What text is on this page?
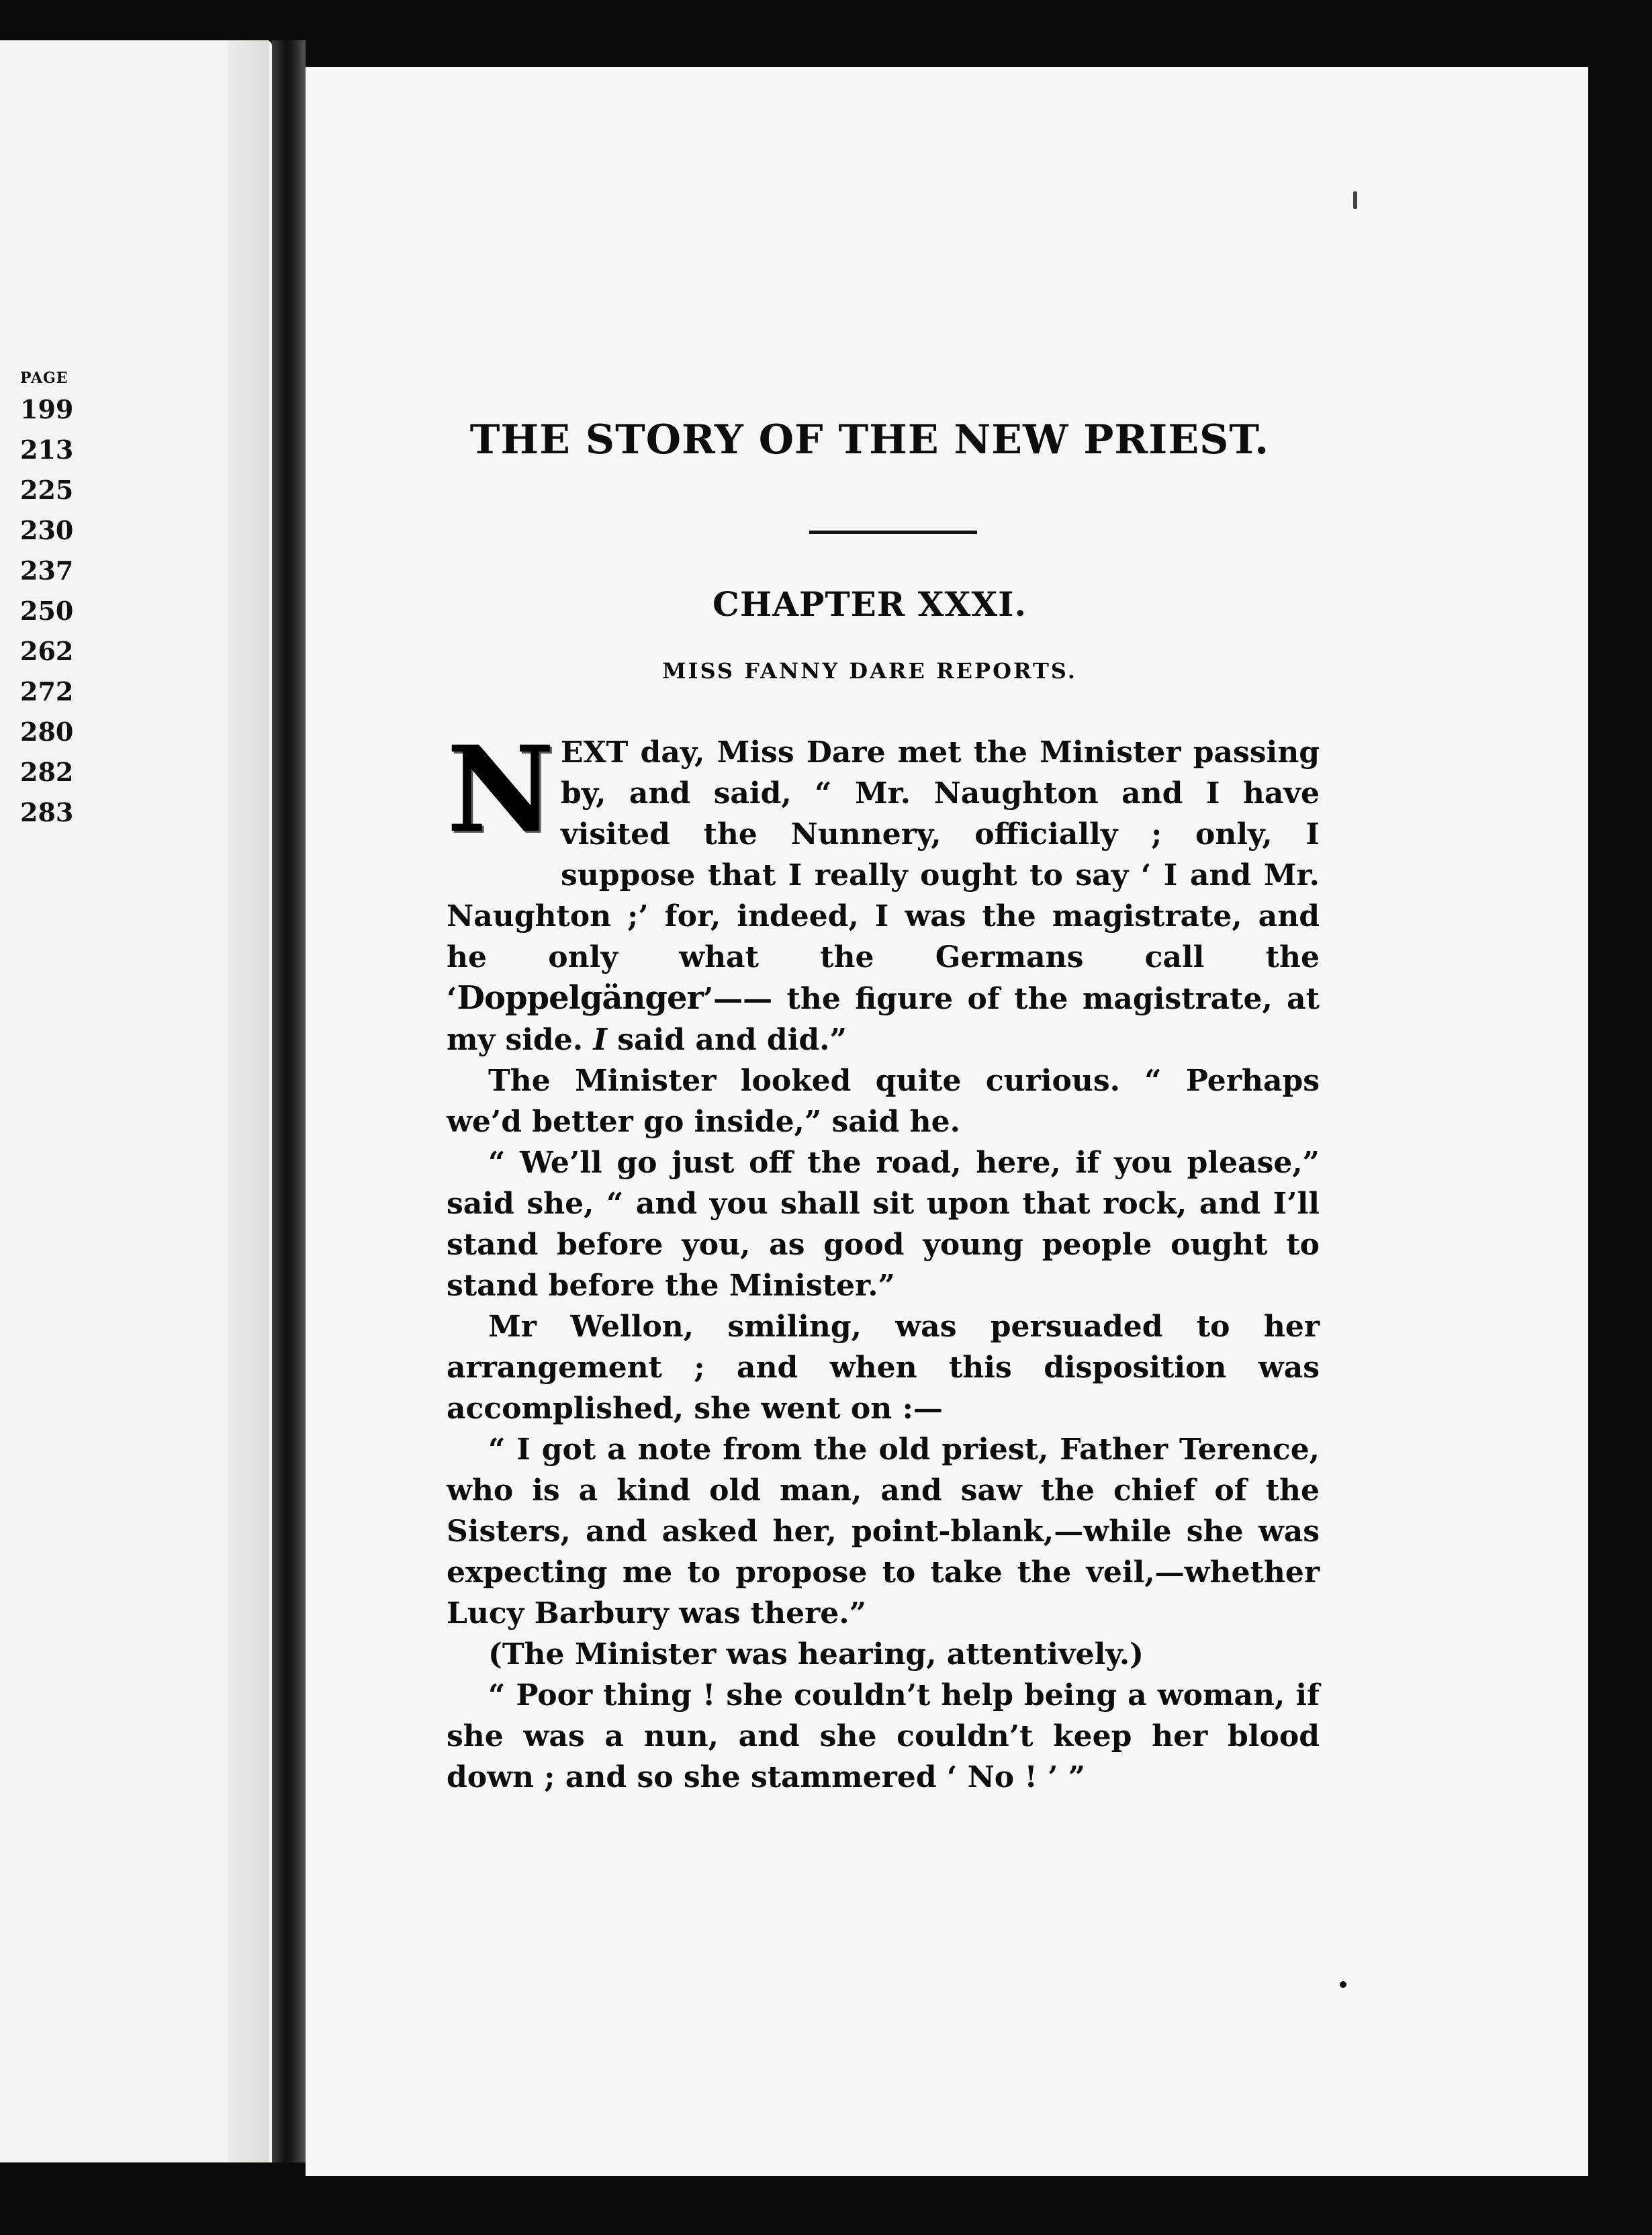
PAGE
199
213
225
230
237
250
262
272
280
282
283
THE STORY OF THE NEW PRIEST.
CHAPTER XXXI.
MISS FANNY DARE REPORTS.

NEXT day, Miss Dare met the Minister passing by, and said, “ Mr. Naughton and I have visited the Nunnery, officially ; only, I suppose that I really ought to say ‘ I and Mr. Naughton ;’ for, indeed, I was the magistrate, and he only what the Germans call the ‘Doppelgänger’—— the figure of the magistrate, at my side. I said and did.”

The Minister looked quite curious. “ Perhaps we’d better go inside,” said he.

“ We’ll go just off the road, here, if you please,” said she, “ and you shall sit upon that rock, and I’ll stand before you, as good young people ought to stand before the Minister.”

Mr Wellon, smiling, was persuaded to her arrangement ; and when this disposition was accomplished, she went on :—

“ I got a note from the old priest, Father Terence, who is a kind old man, and saw the chief of the Sisters, and asked her, point-blank,—while she was expecting me to propose to take the veil,—whether Lucy Barbury was there.”

(The Minister was hearing, attentively.)

“ Poor thing ! she couldn’t help being a woman, if she was a nun, and she couldn’t keep her blood down ; and so she stammered ‘ No ! ’ ”
